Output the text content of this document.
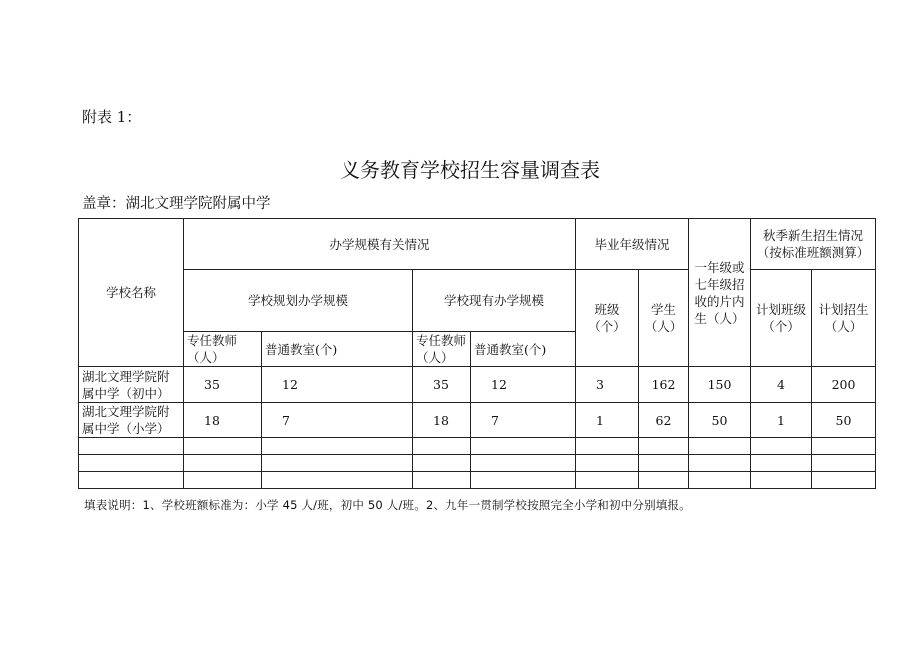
附表 1：
义务教育学校招生容量调查表
盖章：湖北文理学院附属中学
学校名称	办学规模有关情况				毕业年级情况		一年级或七年级招收的片内生（人）	秋季新生招生情况（按标准班额测算）	
	学校规划办学规模		学校现有办学规模		班级（个）	学生（人）		计划班级（个）	计划招生（人）
	专任教师（人）	普通教室(个)	专任教师（人）	普通教室(个)					
湖北文理学院附属中学（初中）	35	12	35	12	3	162	150	4	200
湖北文理学院附属中学（小学）	18	7	18	7	1	62	50	1	50

填表说明：1、学校班额标准为：小学 45 人/班，初中 50 人/班。2、九年一贯制学校按照完全小学和初中分别填报。
